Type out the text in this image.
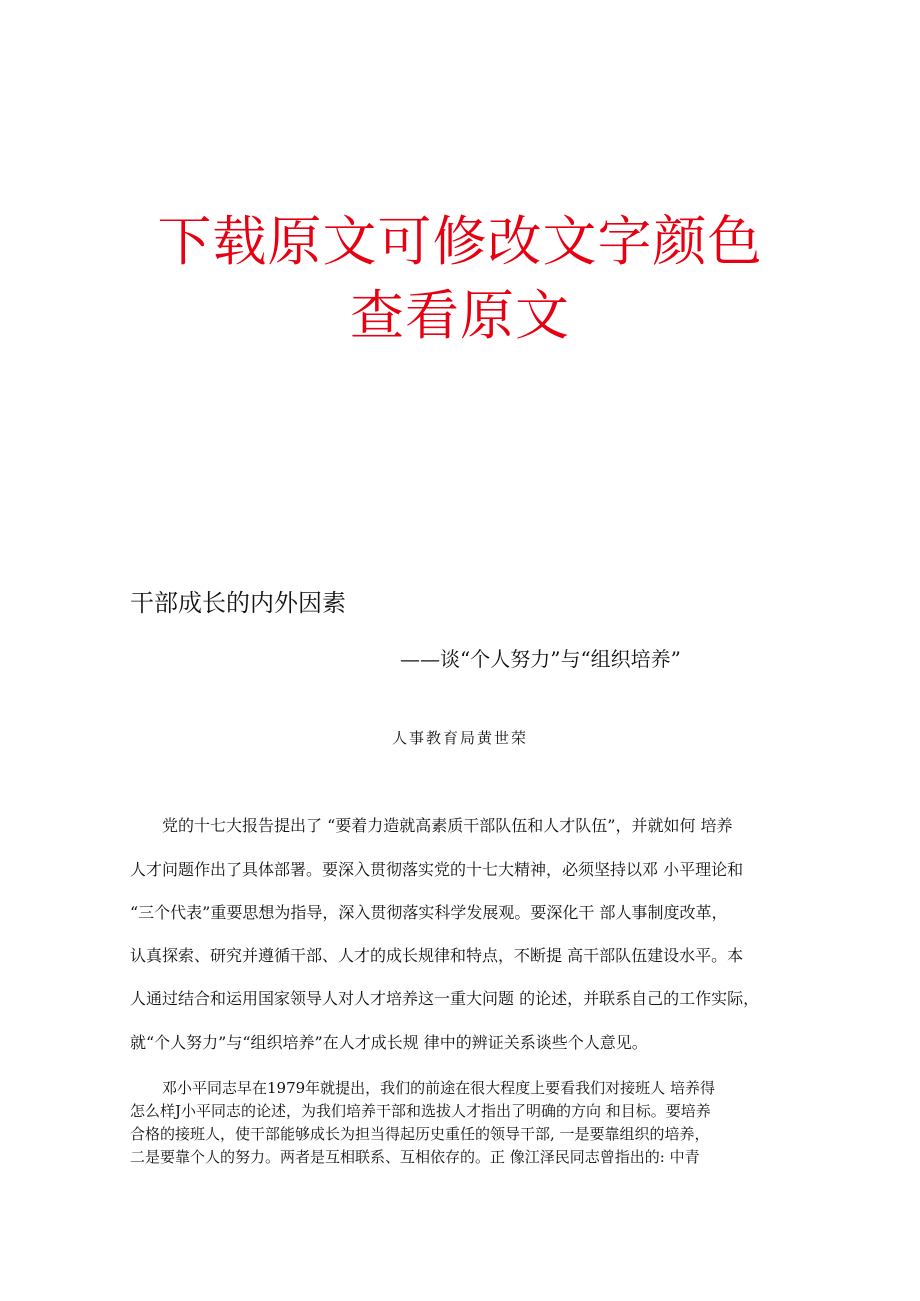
下载原文可修改文字颜色
查看原文
干部成长的内外因素
——谈“个人努力”与“组织培养”
人事教育局黄世荣
党的十七大报告提出了 “要着力造就高素质干部队伍和人才队伍”，并就如何 培养
人才问题作出了具体部署。要深入贯彻落实党的十七大精神，必须坚持以邓 小平理论和
“三个代表”重要思想为指导，深入贯彻落实科学发展观。要深化干 部人事制度改革，
认真探索、研究并遵循干部、人才的成长规律和特点，不断提 高干部队伍建设水平。本
人通过结合和运用国家领导人对人才培养这一重大问题 的论述，并联系自己的工作实际，
就“个人努力”与“组织培养”在人才成长规 律中的辨证关系谈些个人意见。
邓小平同志早在1979年就提出，我们的前途在很大程度上要看我们对接班人 培养得
怎么样J小平同志的论述，为我们培养干部和选拔人才指出了明确的方向 和目标。要培养
合格的接班人，使干部能够成长为担当得起历史重任的领导干部, 一是要靠组织的培养，
二是要靠个人的努力。两者是互相联系、互相依存的。正 像江泽民同志曾指出的: 中青
